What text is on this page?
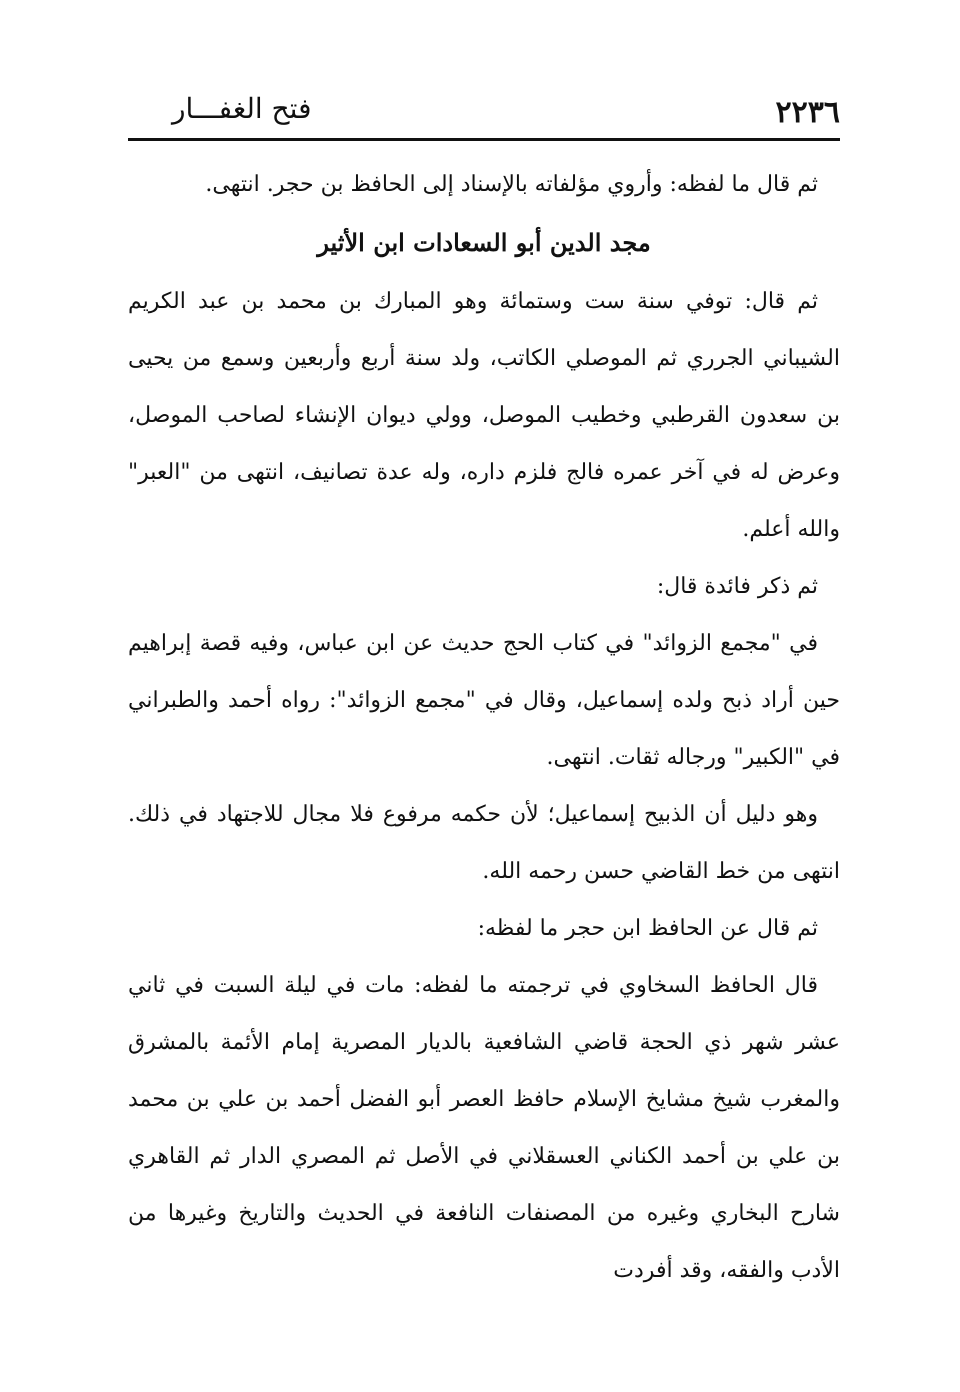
٢٢٣٦
فتح الغفـــار

ثم قال ما لفظه: وأروي مؤلفاته بالإسناد إلى الحافظ بن حجر. انتهى.

مجد الدين أبو السعادات ابن الأثير

ثم قال: توفي سنة ست وستمائة وهو المبارك بن محمد بن عبد الكريم الشيباني الجرري ثم الموصلي الكاتب، ولد سنة أربع وأربعين وسمع من يحيى بن سعدون القرطبي وخطيب الموصل، وولي ديوان الإنشاء لصاحب الموصل، وعرض له في آخر عمره فالج فلزم داره، وله عدة تصانيف، انتهى من "العبر" والله أعلم.

ثم ذكر فائدة قال:

في "مجمع الزوائد" في كتاب الحج حديث عن ابن عباس، وفيه قصة إبراهيم حين أراد ذبح ولده إسماعيل، وقال في "مجمع الزوائد": رواه أحمد والطبراني في "الكبير" ورجاله ثقات. انتهى.

وهو دليل أن الذبيح إسماعيل؛ لأن حكمه مرفوع فلا مجال للاجتهاد في ذلك. انتهى من خط القاضي حسن رحمه الله.

ثم قال عن الحافظ ابن حجر ما لفظه:

قال الحافظ السخاوي في ترجمته ما لفظه: مات في ليلة السبت في ثاني عشر شهر ذي الحجة قاضي الشافعية بالديار المصرية إمام الأئمة بالمشرق والمغرب شيخ مشايخ الإسلام حافظ العصر أبو الفضل أحمد بن علي بن محمد بن علي بن أحمد الكناني العسقلاني في الأصل ثم المصري الدار ثم القاهري شارح البخاري وغيره من المصنفات النافعة في الحديث والتاريخ وغيرها من الأدب والفقه، وقد أفردت
